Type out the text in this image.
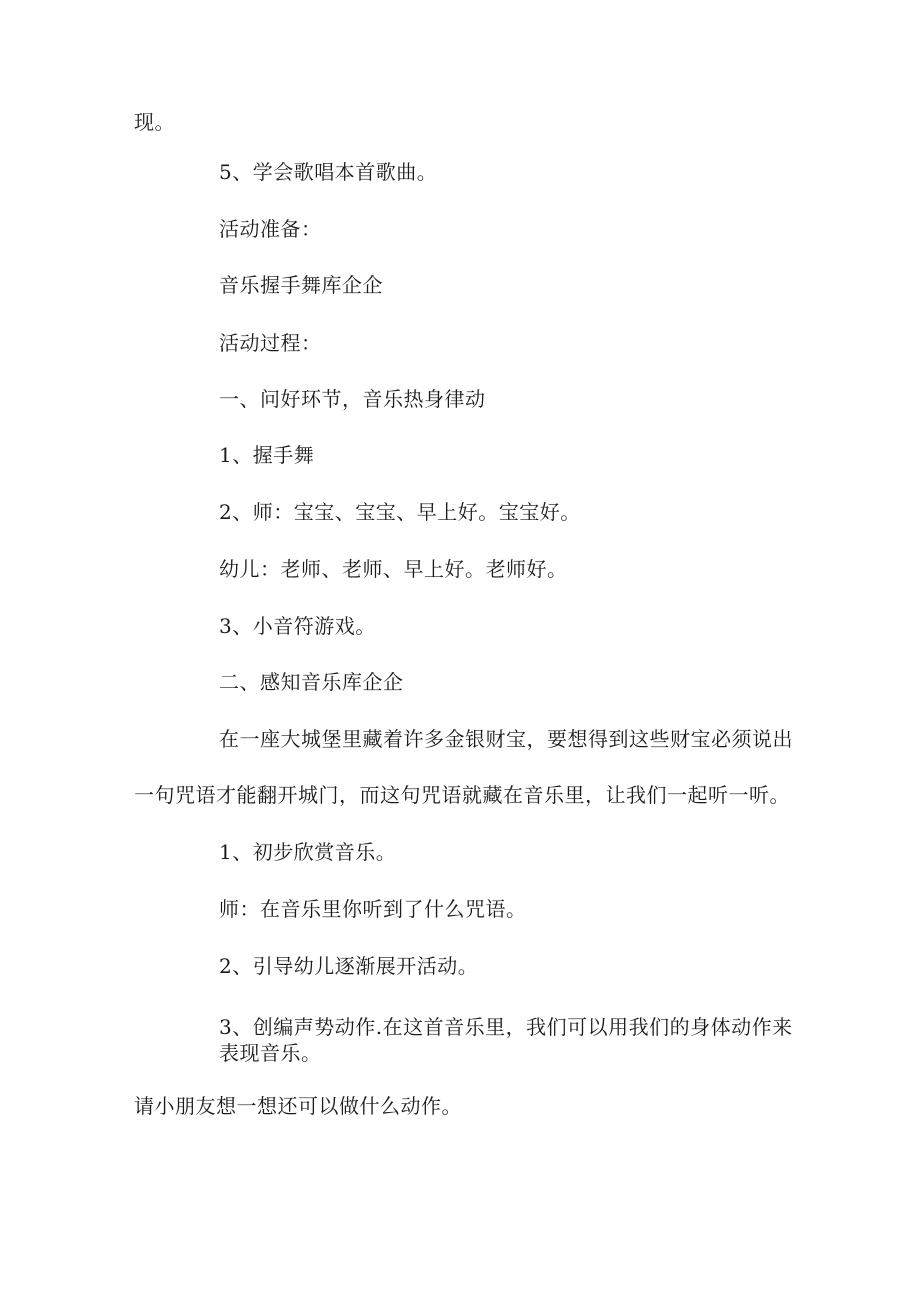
现。
5、学会歌唱本首歌曲。
活动准备：
音乐握手舞库企企
活动过程：
一、问好环节，音乐热身律动
1、握手舞
2、师：宝宝、宝宝、早上好。宝宝好。
幼儿：老师、老师、早上好。老师好。
3、小音符游戏。
二、感知音乐库企企
在一座大城堡里藏着许多金银财宝，要想得到这些财宝必须说出
一句咒语才能翻开城门，而这句咒语就藏在音乐里，让我们一起听一听。
1、初步欣赏音乐。
师：在音乐里你听到了什么咒语。
2、引导幼儿逐渐展开活动。
3、创编声势动作.在这首音乐里，我们可以用我们的身体动作来
表现音乐。
请小朋友想一想还可以做什么动作。
